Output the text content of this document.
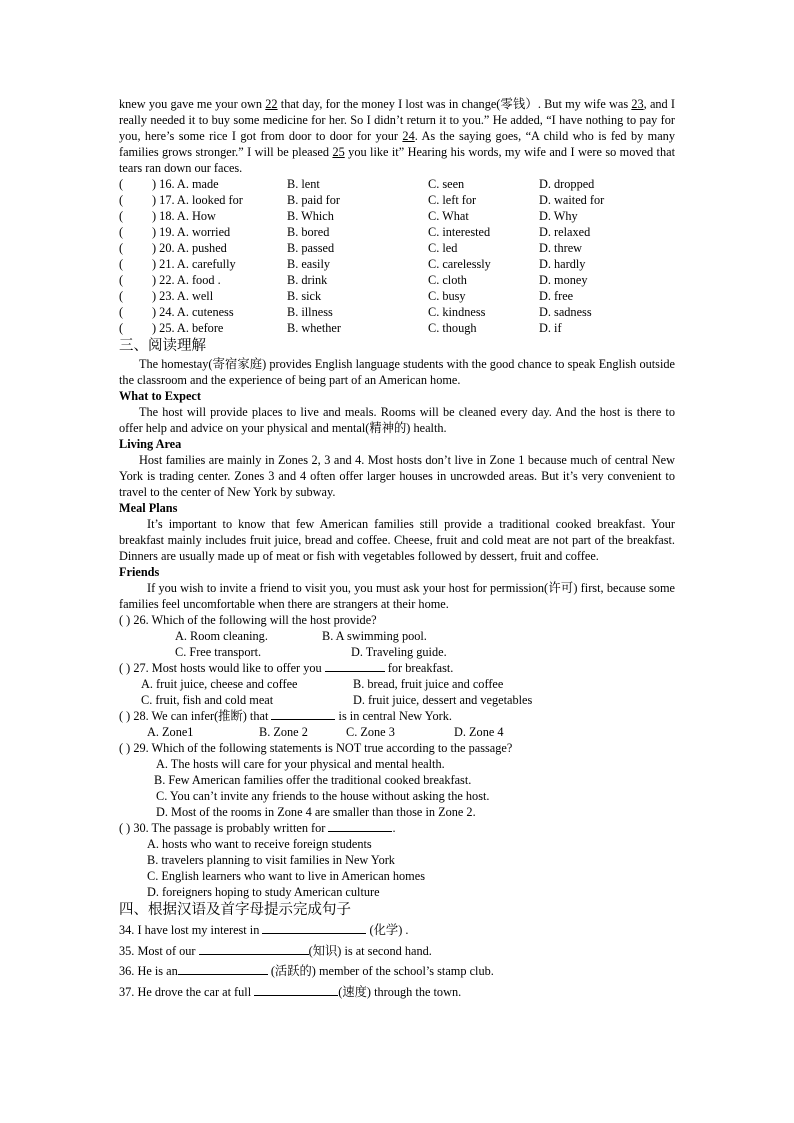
knew you gave me your own 22 that day, for the money I lost was in change(零钱）. But my wife was 23, and I really needed it to buy some medicine for her. So I didn’t return it to you.” He added, “I have nothing to pay for you, here’s some rice I got from door to door for your 24. As the saying goes, “A child who is fed by many families grows stronger.” I will be pleased 25 you like it” Hearing his words, my wife and I were so moved that tears ran down our faces.

( ) 16. A. made	B. lent	C. seen	D. dropped
( ) 17. A. looked for	B. paid for	C. left for	D. waited for
( ) 18. A. How	B. Which	C. What	D. Why
( ) 19. A. worried	B. bored	C. interested	D. relaxed
( ) 20. A. pushed	B. passed	C. led	D. threw
( ) 21. A. carefully	B. easily	C. carelessly	D. hardly
( ) 22. A. food .	B. drink	C. cloth	D. money
( ) 23. A. well	B. sick	C. busy	D. free
( ) 24. A. cuteness	B. illness	C. kindness	D. sadness
( ) 25. A. before	B. whether	C. though	D. if

三、阅读理解

The homestay(寄宿家庭) provides English language students with the good chance to speak English outside the classroom and the experience of being part of an American home.

What to Expect

The host will provide places to live and meals. Rooms will be cleaned every day. And the host is there to offer help and advice on your physical and mental(精神的) health.

Living Area

Host families are mainly in Zones 2, 3 and 4. Most hosts don’t live in Zone 1 because much of central New York is trading center. Zones 3 and 4 often offer larger houses in uncrowded areas. But it’s very convenient to travel to the center of New York by subway.

Meal Plans

It’s important to know that few American families still provide a traditional cooked breakfast. Your breakfast mainly includes fruit juice, bread and coffee. Cheese, fruit and cold meat are not part of the breakfast. Dinners are usually made up of meat or fish with vegetables followed by dessert, fruit and coffee.

Friends

If you wish to invite a friend to visit you, you must ask your host for permission(许可) first, because some families feel uncomfortable when there are strangers at their home.

( ) 26. Which of the following will the host provide?

A. Room cleaning.	B. A swimming pool.
C. Free transport.	D. Traveling guide.

( ) 27. Most hosts would like to offer you	for breakfast.

A. fruit juice, cheese and coffee	B. bread, fruit juice and coffee
C. fruit, fish and cold meat	D. fruit juice, dessert and vegetables

( ) 28. We can infer(推断) that	is in central New York.

A. Zone1	B. Zone 2	C. Zone 3	D. Zone 4

( ) 29. Which of the following statements is NOT true according to the passage?

A. The hosts will care for your physical and mental health.
B. Few American families offer the traditional cooked breakfast.
C. You can’t invite any friends to the house without asking the host.
D. Most of the rooms in Zone 4 are smaller than those in Zone 2.

( ) 30. The passage is probably written for	.

A. hosts who want to receive foreign students
B. travelers planning to visit families in New York
C. English learners who want to live in American homes
D. foreigners hoping to study American culture

四、根据汉语及首字母提示完成句子

34. I have lost my interest in	(化学) .

35. Most of our	(知识) is at second hand.

36. He is an	(活跃的) member of the school’s stamp club.

37. He drove the car at full	(速度) through the town.
